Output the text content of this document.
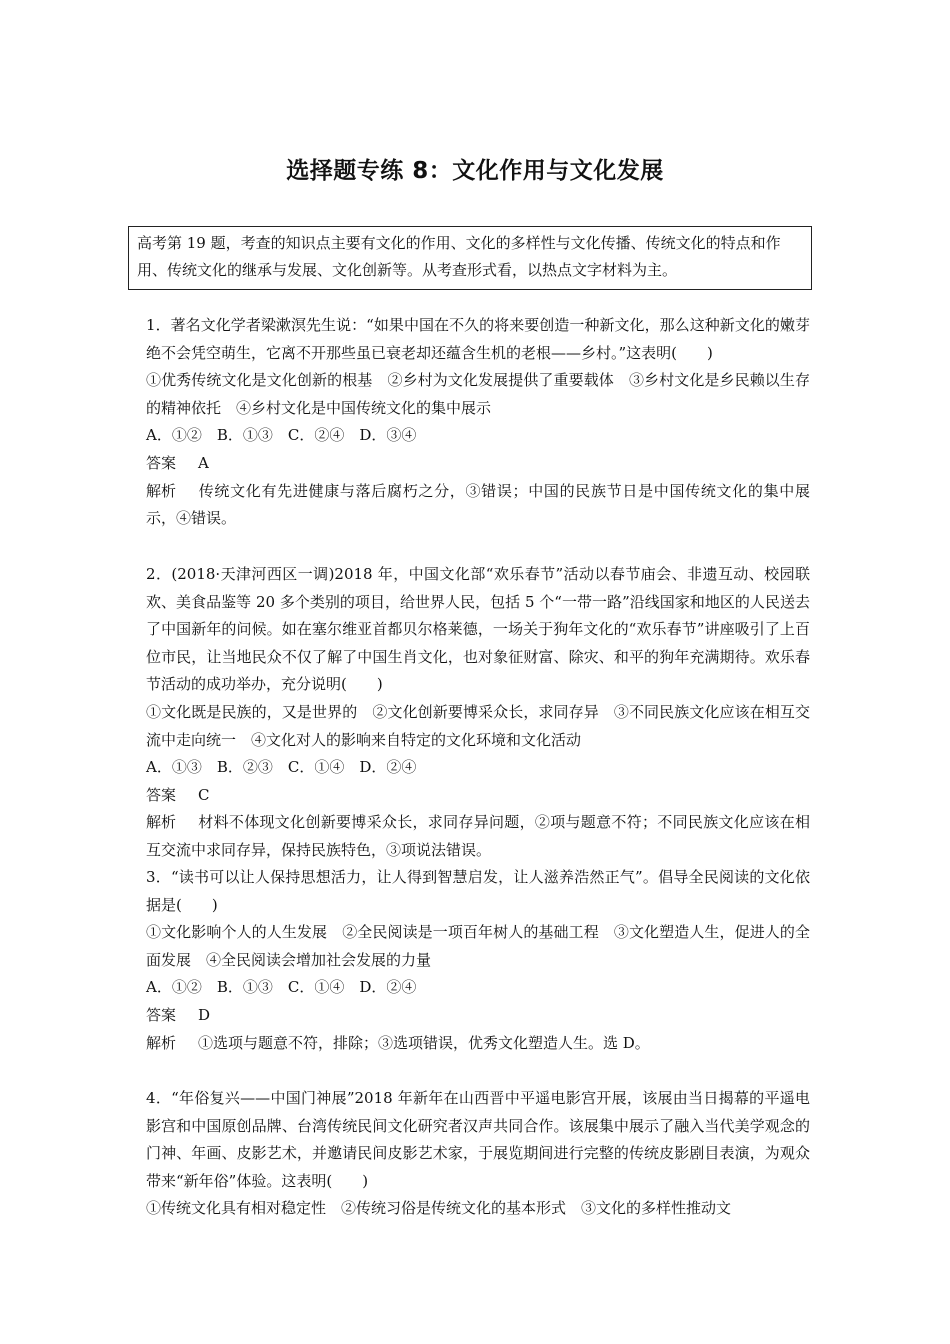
选择题专练 8：文化作用与文化发展
高考第 19 题，考查的知识点主要有文化的作用、文化的多样性与文化传播、传统文化的特点和作用、传统文化的继承与发展、文化创新等。从考查形式看，以热点文字材料为主。

1．著名文化学者梁漱溟先生说：“如果中国在不久的将来要创造一种新文化，那么这种新文化的嫩芽绝不会凭空萌生，它离不开那些虽已衰老却还蕴含生机的老根——乡村。”这表明(　　)

①优秀传统文化是文化创新的根基　②乡村为文化发展提供了重要载体　③乡村文化是乡民赖以生存的精神依托　④乡村文化是中国传统文化的集中展示

A．①②　B．①③　C．②④　D．③④

答案 A

解析 传统文化有先进健康与落后腐朽之分，③错误；中国的民族节日是中国传统文化的集中展示，④错误。

2．(2018·天津河西区一调)2018 年，中国文化部“欢乐春节”活动以春节庙会、非遗互动、校园联欢、美食品鉴等 20 多个类别的项目，给世界人民，包括 5 个“一带一路”沿线国家和地区的人民送去了中国新年的问候。如在塞尔维亚首都贝尔格莱德，一场关于狗年文化的“欢乐春节”讲座吸引了上百位市民，让当地民众不仅了解了中国生肖文化，也对象征财富、除灾、和平的狗年充满期待。欢乐春节活动的成功举办，充分说明(　　)

①文化既是民族的，又是世界的　②文化创新要博采众长，求同存异　③不同民族文化应该在相互交流中走向统一　④文化对人的影响来自特定的文化环境和文化活动

A．①③　B．②③　C．①④　D．②④

答案 C

解析 材料不体现文化创新要博采众长，求同存异问题，②项与题意不符；不同民族文化应该在相互交流中求同存异，保持民族特色，③项说法错误。

3．“读书可以让人保持思想活力，让人得到智慧启发，让人滋养浩然正气”。倡导全民阅读的文化依据是(　　)

①文化影响个人的人生发展　②全民阅读是一项百年树人的基础工程　③文化塑造人生，促进人的全面发展　④全民阅读会增加社会发展的力量

A．①②　B．①③　C．①④　D．②④

答案 D

解析 ①选项与题意不符，排除；③选项错误，优秀文化塑造人生。选 D。

4．“年俗复兴——中国门神展”2018 年新年在山西晋中平遥电影宫开展，该展由当日揭幕的平遥电影宫和中国原创品牌、台湾传统民间文化研究者汉声共同合作。该展集中展示了融入当代美学观念的门神、年画、皮影艺术，并邀请民间皮影艺术家，于展览期间进行完整的传统皮影剧目表演，为观众带来“新年俗”体验。这表明(　　)

①传统文化具有相对稳定性　②传统习俗是传统文化的基本形式　③文化的多样性推动文
